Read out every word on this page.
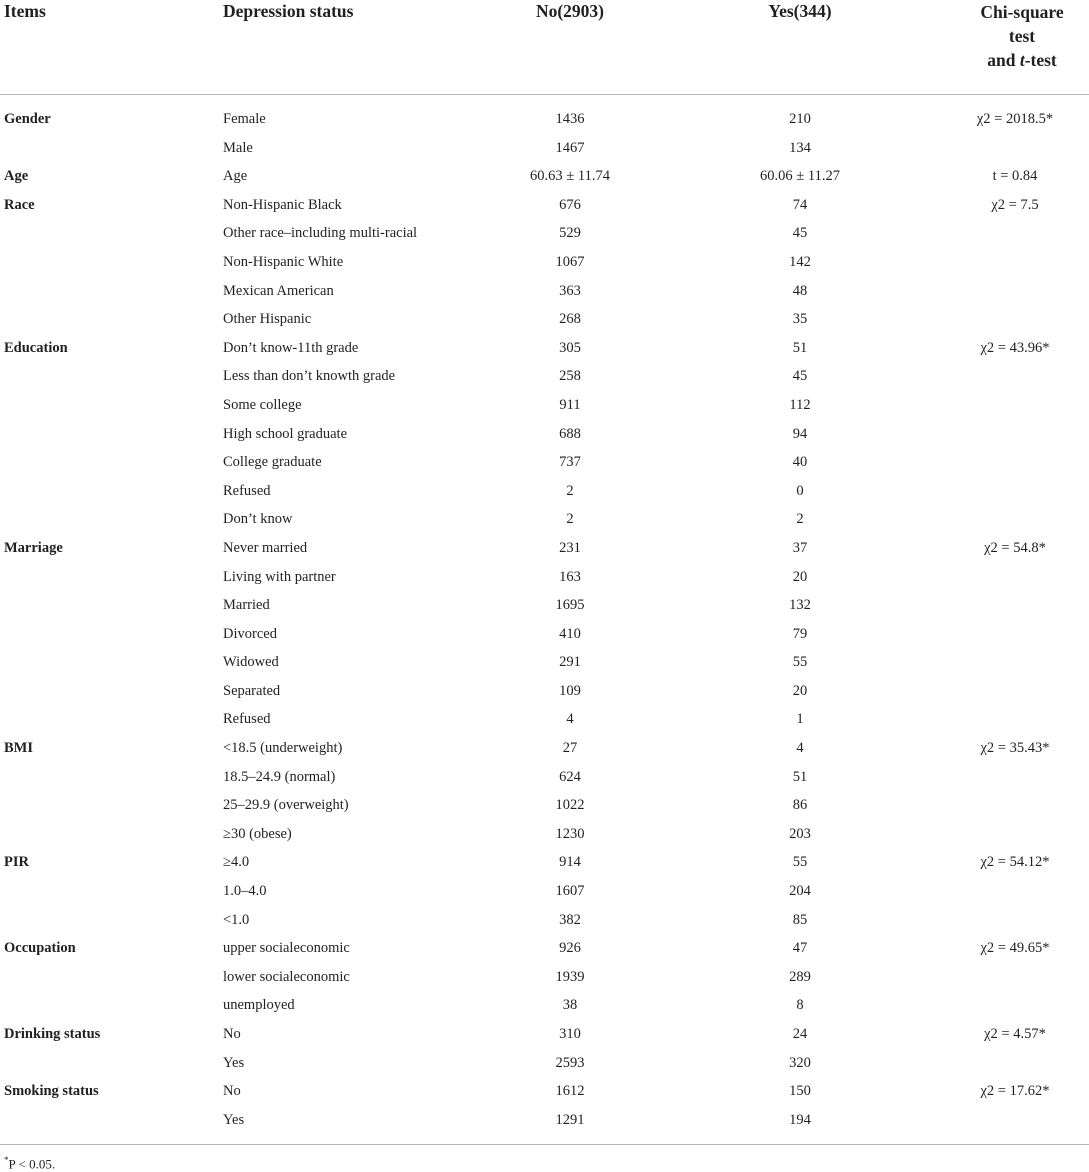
Items	Depression status	No(2903)	Yes(344)	Chi-square
test
and t-test
Gender	Female	1436	210	χ2 = 2018.5*
Male	1467	134
Age	Age	60.63 ± 11.74	60.06 ± 11.27	t = 0.84
Race	Non-Hispanic Black	676	74	χ2 = 7.5
Other race–including multi-racial	529	45
Non-Hispanic White	1067	142
Mexican American	363	48
Other Hispanic	268	35
Education	Don’t know-11th grade	305	51	χ2 = 43.96*
Less than don’t knowth grade	258	45
Some college	911	112
High school graduate	688	94
College graduate	737	40
Refused	2	0
Don’t know	2	2
Marriage	Never married	231	37	χ2 = 54.8*
Living with partner	163	20
Married	1695	132
Divorced	410	79
Widowed	291	55
Separated	109	20
Refused	4	1
BMI	<18.5 (underweight)	27	4	χ2 = 35.43*
18.5–24.9 (normal)	624	51
25–29.9 (overweight)	1022	86
≥30 (obese)	1230	203
PIR	≥4.0	914	55	χ2 = 54.12*
1.0–4.0	1607	204
<1.0	382	85
Occupation	upper socialeconomic	926	47	χ2 = 49.65*
lower socialeconomic	1939	289
unemployed	38	8
Drinking status	No	310	24	χ2 = 4.57*
Yes	2593	320
Smoking status	No	1612	150	χ2 = 17.62*
Yes	1291	194
*P < 0.05.
